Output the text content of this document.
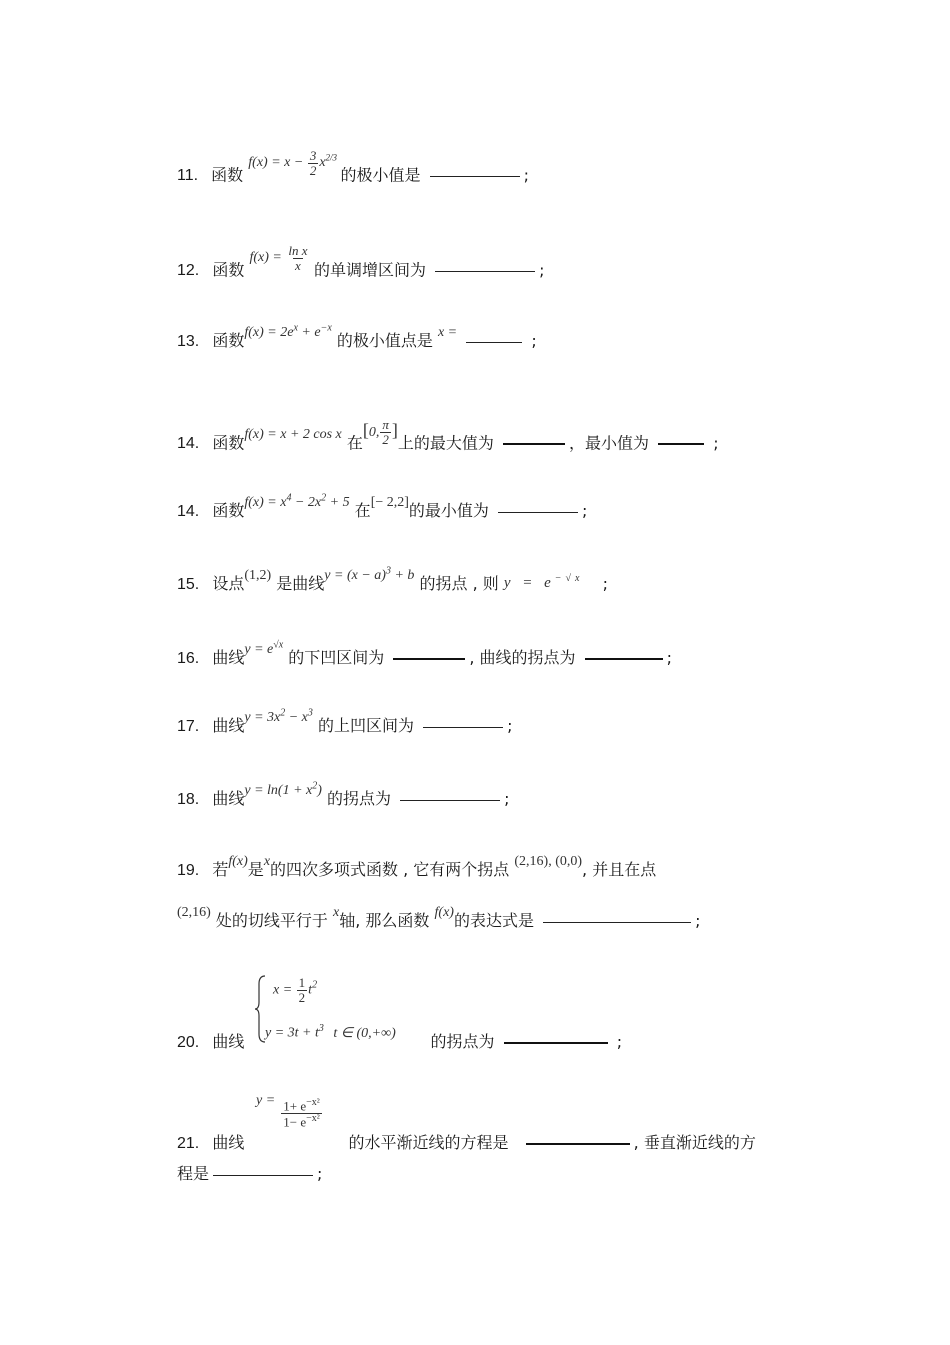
11. 函数 $f(x) = x - \frac{3}{2} x^{2/3}$ 的极小值是	;
12. 函数 $f(x) = \frac{\text{ln x}}{x}$ 的单调增区间为	;
13. 函数$f(x) = 2e^x + e^{-x}$ 的极小值点是 x =	;
14. 函数f(x) = x + 2 cos x 在[0, $\frac{\pi}{2}$ ]上的最大值为	，最小值为	;
14. 函数$f(x) = x^4 - 2x^2 + 5$ 在[− 2,2]的最小值为	;
15. 设点(1,2) 是曲线$y = (x - a)^3 + b$ 的拐点 , 则 $y = e^{-√x}$ ;
16. 曲线$y = e^{√x}$ 的下凹区间为	, 曲线的拐点为	;
17. 曲线$y = 3x^2 - x^3$ 的上凹区间为	;
18. 曲线$y = \ln(1 + x^2)$ 的拐点为	;
19. 若f(x)是x的四次多项式函数 , 它有两个拐点 (2,16), (0,0), 并且在点
(2,16) 处的切线平行于 x轴, 那么函数 f(x)的表达式是	;
$x = \frac{1}{2} t^2$
$y = 3t + t^3$ t ∈ (0,+∞)
20. 曲线	的拐点为	;
$y = \frac{1+ e^{-x^2}}{1- e^{-x^2}}$
21. 曲线	的水平渐近线的方程是	, 垂直渐近线的方
程是	;
